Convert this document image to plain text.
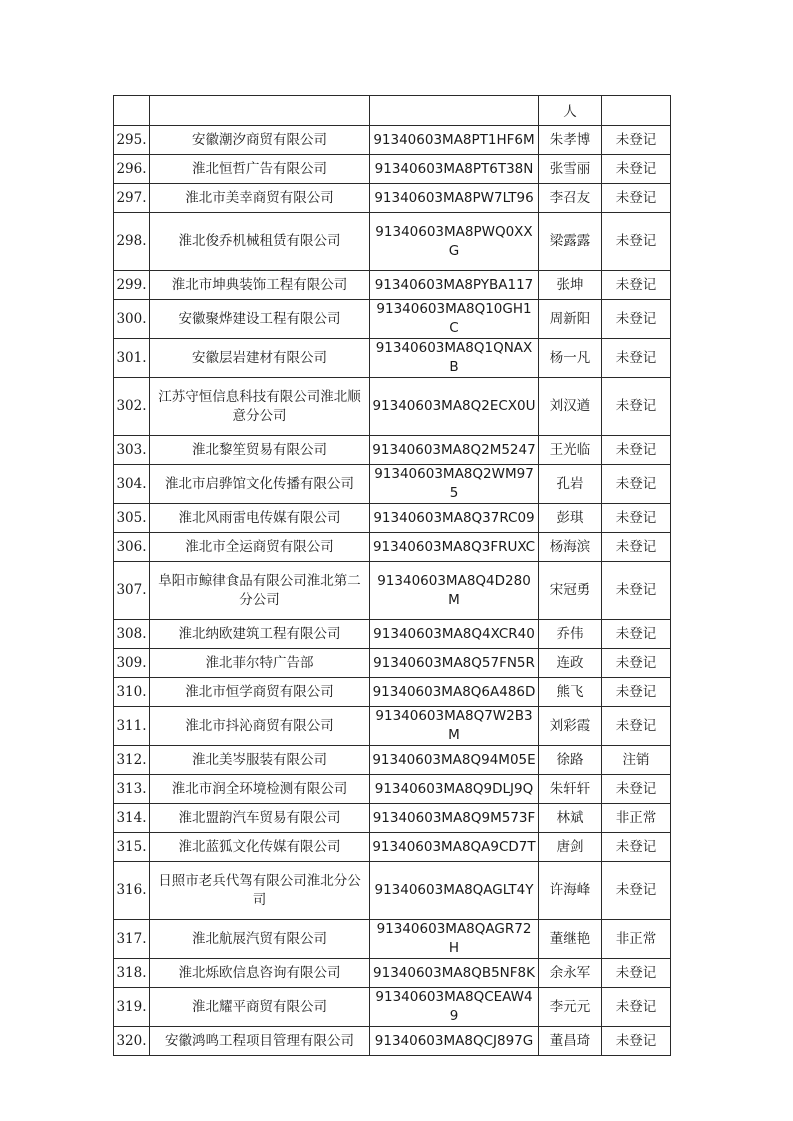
			人	
295.	安徽潮汐商贸有限公司	91340603MA8PT1HF6M	朱孝博	未登记
296.	淮北恒哲广告有限公司	91340603MA8PT6T38N	张雪丽	未登记
297.	淮北市美幸商贸有限公司	91340603MA8PW7LT96	李召友	未登记
298.	淮北俊乔机械租赁有限公司	91340603MA8PWQ0XXG	梁露露	未登记
299.	淮北市坤典装饰工程有限公司	91340603MA8PYBA117	张坤	未登记
300.	安徽聚烨建设工程有限公司	91340603MA8Q10GH1C	周新阳	未登记
301.	安徽层岩建材有限公司	91340603MA8Q1QNAXB	杨一凡	未登记
302.	江苏守恒信息科技有限公司淮北顺意分公司	91340603MA8Q2ECX0U	刘汉遒	未登记
303.	淮北黎笙贸易有限公司	91340603MA8Q2M5247	王光临	未登记
304.	淮北市启骅馆文化传播有限公司	91340603MA8Q2WM975	孔岩	未登记
305.	淮北风雨雷电传媒有限公司	91340603MA8Q37RC09	彭琪	未登记
306.	淮北市全运商贸有限公司	91340603MA8Q3FRUXC	杨海滨	未登记
307.	阜阳市鲸律食品有限公司淮北第二分公司	91340603MA8Q4D280M	宋冠勇	未登记
308.	淮北纳欧建筑工程有限公司	91340603MA8Q4XCR40	乔伟	未登记
309.	淮北菲尔特广告部	91340603MA8Q57FN5R	连政	未登记
310.	淮北市恒学商贸有限公司	91340603MA8Q6A486D	熊飞	未登记
311.	淮北市抖沁商贸有限公司	91340603MA8Q7W2B3M	刘彩霞	未登记
312.	淮北美岑服装有限公司	91340603MA8Q94M05E	徐路	注销
313.	淮北市润全环境检测有限公司	91340603MA8Q9DLJ9Q	朱轩轩	未登记
314.	淮北盟韵汽车贸易有限公司	91340603MA8Q9M573F	林斌	非正常
315.	淮北蓝狐文化传媒有限公司	91340603MA8QA9CD7T	唐剑	未登记
316.	日照市老兵代驾有限公司淮北分公司	91340603MA8QAGLT4Y	许海峰	未登记
317.	淮北航展汽贸有限公司	91340603MA8QAGR72H	董继艳	非正常
318.	淮北烁欧信息咨询有限公司	91340603MA8QB5NF8K	余永军	未登记
319.	淮北耀平商贸有限公司	91340603MA8QCEAW49	李元元	未登记
320.	安徽鸿鸣工程项目管理有限公司	91340603MA8QCJ897G	董昌琦	未登记
